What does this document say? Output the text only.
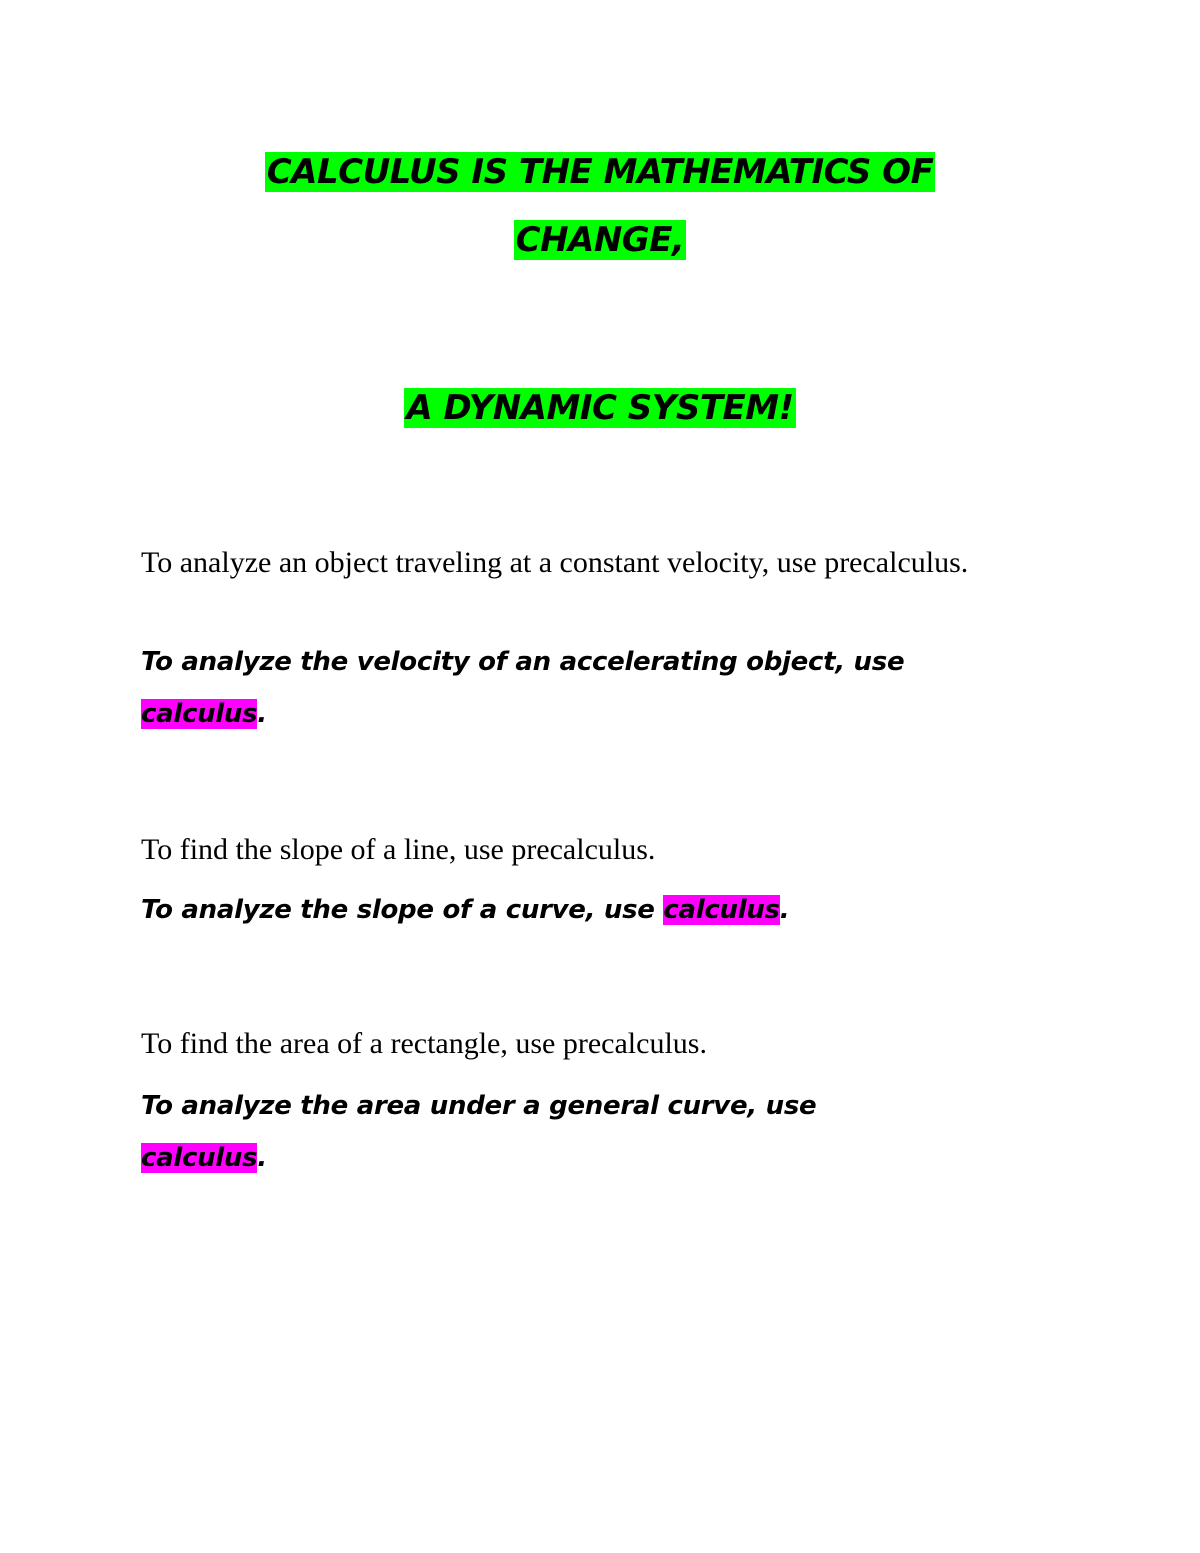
CALCULUS IS THE MATHEMATICS OF
CHANGE,
A DYNAMIC SYSTEM!
To analyze an object traveling at a constant velocity, use precalculus.
To analyze the velocity of an accelerating object, use
calculus.
To find the slope of a line, use precalculus.
To analyze the slope of a curve, use calculus.
To find the area of a rectangle, use precalculus.
To analyze the area under a general curve, use
calculus.
